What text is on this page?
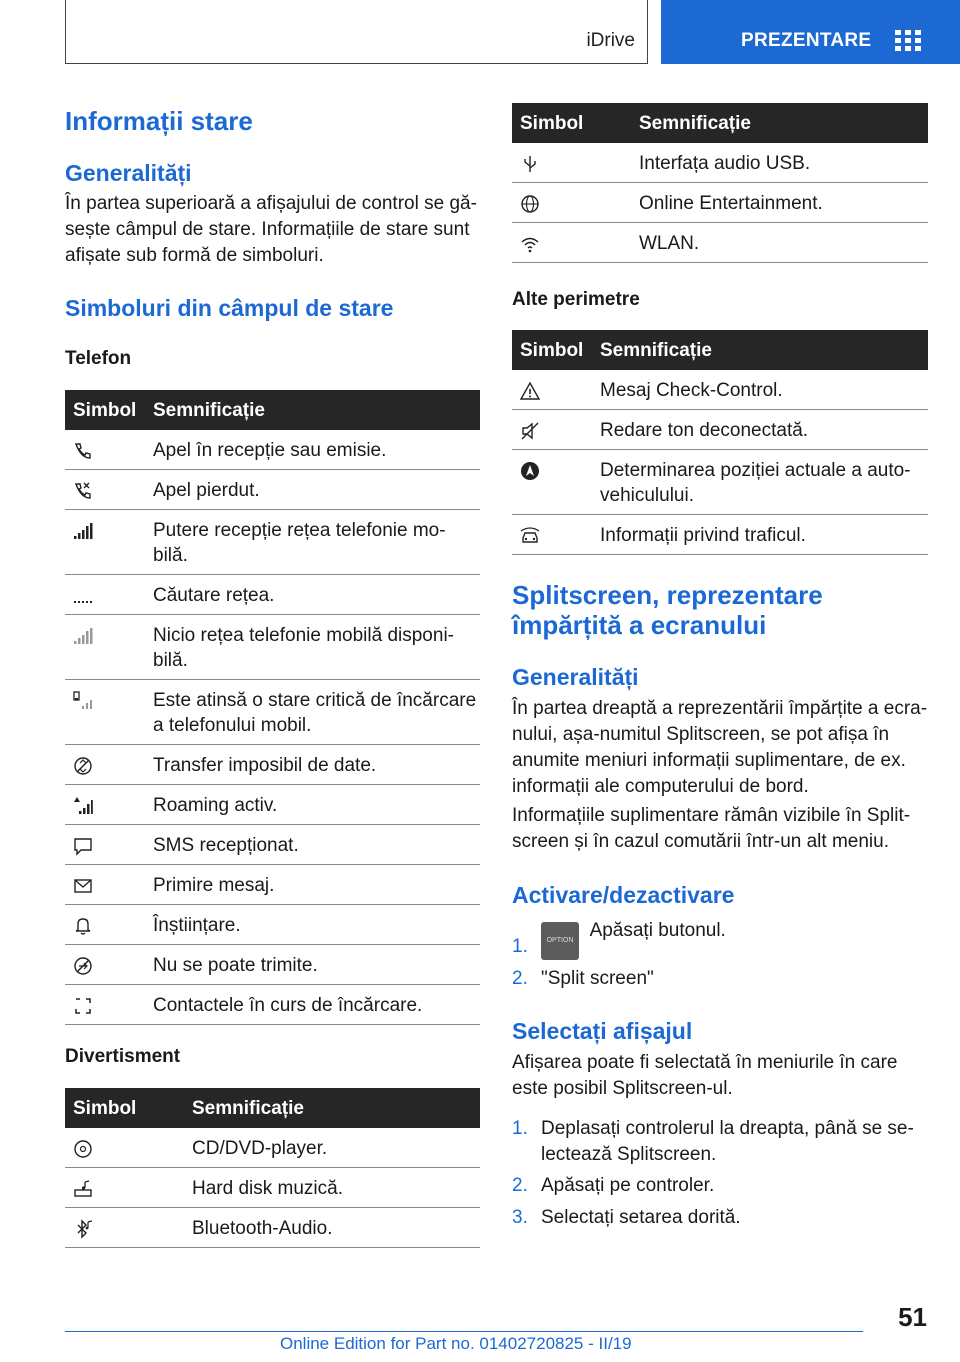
iDrive	PREZENTARE
Informații stare
Generalități

În partea superioară a afișajului de control se gă-
sește câmpul de stare. Informațiile de stare sunt
afișate sub formă de simboluri.

Simboluri din câmpul de stare
Telefon
Simbol Semnificație
Apel în recepție sau emisie.
Apel pierdut.
Putere recepție rețea telefonie mo-
bilă.
Căutare rețea.
Nicio rețea telefonie mobilă disponi-
bilă.
Este atinsă o stare critică de încărcare
a telefonului mobil.
Transfer imposibil de date.
Roaming activ.
SMS recepționat.
Primire mesaj.
Înștiințare.
Nu se poate trimite.
Contactele în curs de încărcare.
Divertisment
Simbol	Semnificație
CD/DVD-player.
Hard disk muzică.
Bluetooth-Audio.
Simbol	Semnificație
Interfața audio USB.
Online Entertainment.
WLAN.
Alte perimetre
Simbol Semnificație
Mesaj Check-Control.
Redare ton deconectată.
Determinarea poziției actuale a auto-
vehiculului.
Informații privind traficul.
Splitscreen, reprezentare
împărțită a ecranului
Generalități

În partea dreaptă a reprezentării împărțite a ecra-
nului, așa-numitul Splitscreen, se pot afișa în
anumite meniuri informații suplimentare, de ex.
informații ale computerului de bord.

Informațiile suplimentare rămân vizibile în Split-
screen și în cazul comutării într-un alt meniu.

Activare/dezactivare
1.	OPTION Apăsați butonul.
2. "Split screen"
Selectați afișajul

Afișarea poate fi selectată în meniurile în care
este posibil Splitscreen-ul.

1. Deplasați controlerul la dreapta, până se se-
lectează Splitscreen.
2. Apăsați pe controler.
3. Selectați setarea dorită.
51
Online Edition for Part no. 01402720825 - II/19
